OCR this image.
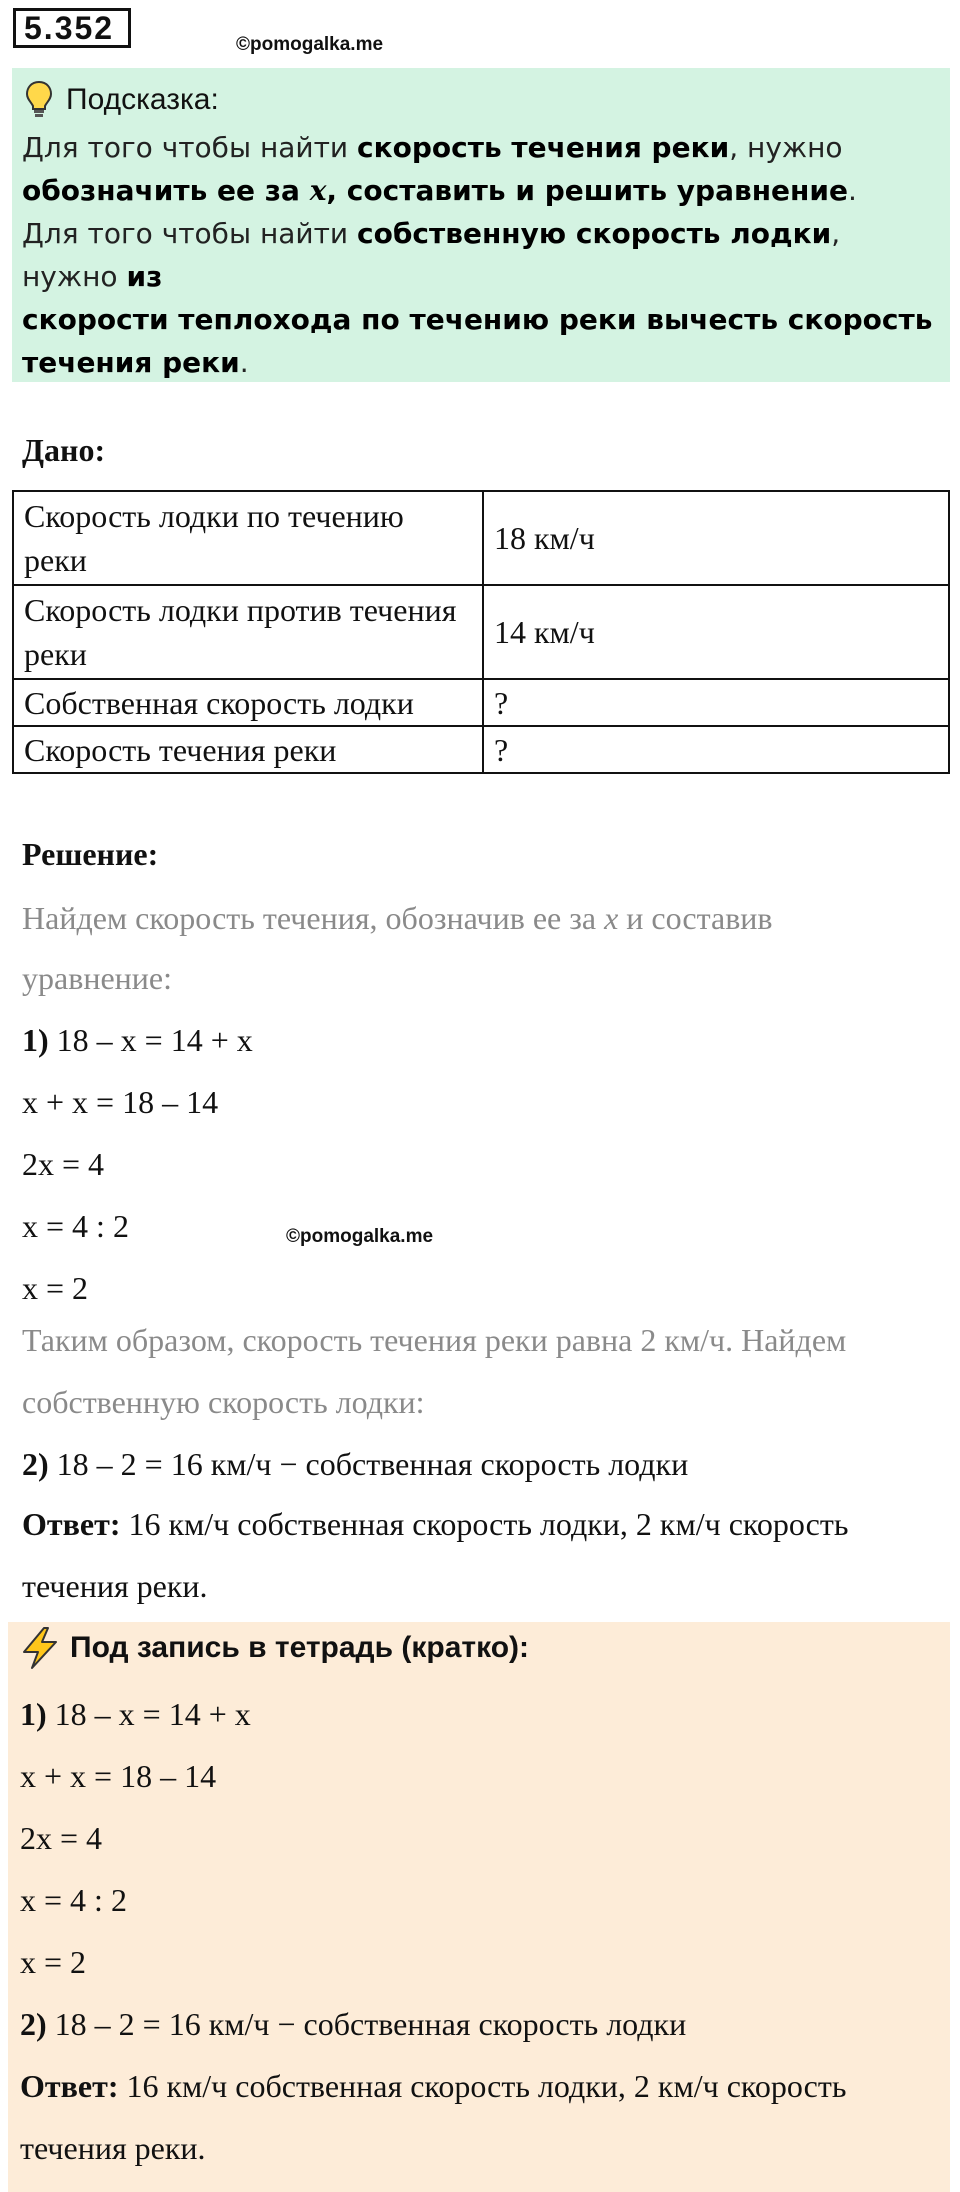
5.352	©pomogalka.me
Подсказка:
Для того чтобы найти скорость течения реки, нужно
обозначить ее за x, составить и решить уравнение.
Для того чтобы найти собственную скорость лодки, нужно из
скорости теплохода по течению реки вычесть скорость
течения реки.
Дано:
Скорость лодки по течению реки	18 км/ч
Скорость лодки против течения реки	14 км/ч
Собственная скорость лодки	?
Скорость течения реки	?
Решение:
Найдем скорость течения, обозначив ее за x и составив
уравнение:
1) 18 – x = 14 + x
x + x = 18 – 14
2x = 4
x = 4 : 2	©pomogalka.me
x = 2
Таким образом, скорость течения реки равна 2 км/ч. Найдем
собственную скорость лодки:
2) 18 – 2 = 16 км/ч − собственная скорость лодки
Ответ: 16 км/ч собственная скорость лодки, 2 км/ч скорость
течения реки.
Под запись в тетрадь (кратко):
1) 18 – x = 14 + x
x + x = 18 – 14
2x = 4
x = 4 : 2
x = 2
2) 18 – 2 = 16 км/ч − собственная скорость лодки
Ответ: 16 км/ч собственная скорость лодки, 2 км/ч скорость
течения реки.
